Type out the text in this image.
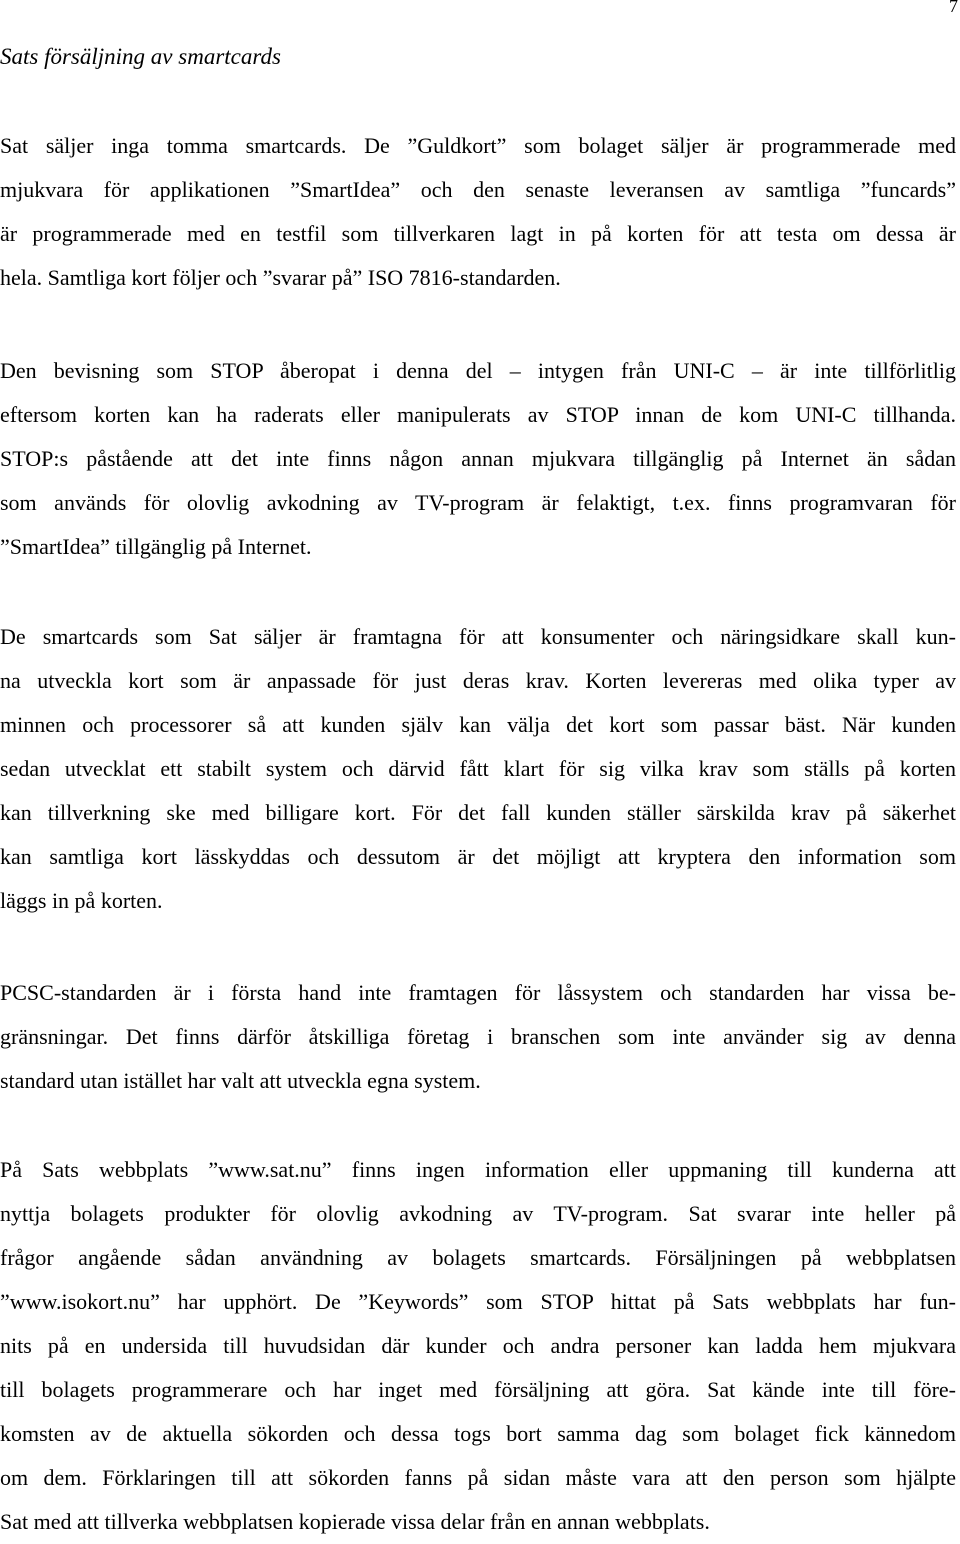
7
Sats försäljning av smartcards
Sat säljer inga tomma smartcards. De ”Guldkort” som bolaget säljer är programmerade med
mjukvara för applikationen ”SmartIdea” och den senaste leveransen av samtliga ”funcards”
är programmerade med en testfil som tillverkaren lagt in på korten för att testa om dessa är
hela. Samtliga kort följer och ”svarar på” ISO 7816-standarden.
Den bevisning som STOP åberopat i denna del – intygen från UNI-C – är inte tillförlitlig
eftersom korten kan ha raderats eller manipulerats av STOP innan de kom UNI-C tillhanda.
STOP:s påstående att det inte finns någon annan mjukvara tillgänglig på Internet än sådan
som används för olovlig avkodning av TV-program är felaktigt, t.ex. finns programvaran för
”SmartIdea” tillgänglig på Internet.
De smartcards som Sat säljer är framtagna för att konsumenter och näringsidkare skall kun-
na utveckla kort som är anpassade för just deras krav. Korten levereras med olika typer av
minnen och processorer så att kunden själv kan välja det kort som passar bäst. När kunden
sedan utvecklat ett stabilt system och därvid fått klart för sig vilka krav som ställs på korten
kan tillverkning ske med billigare kort. För det fall kunden ställer särskilda krav på säkerhet
kan samtliga kort lässkyddas och dessutom är det möjligt att kryptera den information som
läggs in på korten.
PCSC-standarden är i första hand inte framtagen för låssystem och standarden har vissa be-
gränsningar. Det finns därför åtskilliga företag i branschen som inte använder sig av denna
standard utan istället har valt att utveckla egna system.
På Sats webbplats ”www.sat.nu” finns ingen information eller uppmaning till kunderna att
nyttja bolagets produkter för olovlig avkodning av TV-program. Sat svarar inte heller på
frågor angående sådan användning av bolagets smartcards. Försäljningen på webbplatsen
”www.isokort.nu” har upphört. De ”Keywords” som STOP hittat på Sats webbplats har fun-
nits på en undersida till huvudsidan där kunder och andra personer kan ladda hem mjukvara
till bolagets programmerare och har inget med försäljning att göra. Sat kände inte till före-
komsten av de aktuella sökorden och dessa togs bort samma dag som bolaget fick kännedom
om dem. Förklaringen till att sökorden fanns på sidan måste vara att den person som hjälpte
Sat med att tillverka webbplatsen kopierade vissa delar från en annan webbplats.
